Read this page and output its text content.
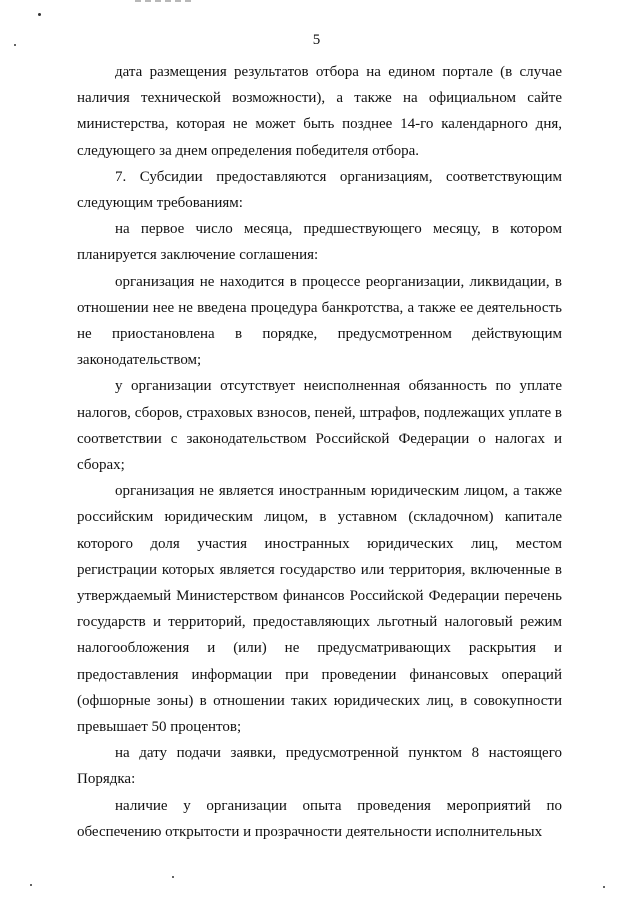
5

дата размещения результатов отбора на едином портале (в случае наличия технической возможности), а также на официальном сайте министерства, которая не может быть позднее 14-го календарного дня, следующего за днем определения победителя отбора.

7. Субсидии предоставляются организациям, соответствующим следующим требованиям:

на первое число месяца, предшествующего месяцу, в котором планируется заключение соглашения:

организация не находится в процессе реорганизации, ликвидации, в отношении нее не введена процедура банкротства, а также ее деятельность не приостановлена в порядке, предусмотренном действующим законодательством;

у организации отсутствует неисполненная обязанность по уплате налогов, сборов, страховых взносов, пеней, штрафов, подлежащих уплате в соответствии с законодательством Российской Федерации о налогах и сборах;

организация не является иностранным юридическим лицом, а также российским юридическим лицом, в уставном (складочном) капитале которого доля участия иностранных юридических лиц, местом регистрации которых является государство или территория, включенные в утверждаемый Министерством финансов Российской Федерации перечень государств и территорий, предоставляющих льготный налоговый режим налогообложения и (или) не предусматривающих раскрытия и предоставления информации при проведении финансовых операций (офшорные зоны) в отношении таких юридических лиц, в совокупности превышает 50 процентов;

на дату подачи заявки, предусмотренной пунктом 8 настоящего Порядка:

наличие у организации опыта проведения мероприятий по обеспечению открытости и прозрачности деятельности исполнительных
